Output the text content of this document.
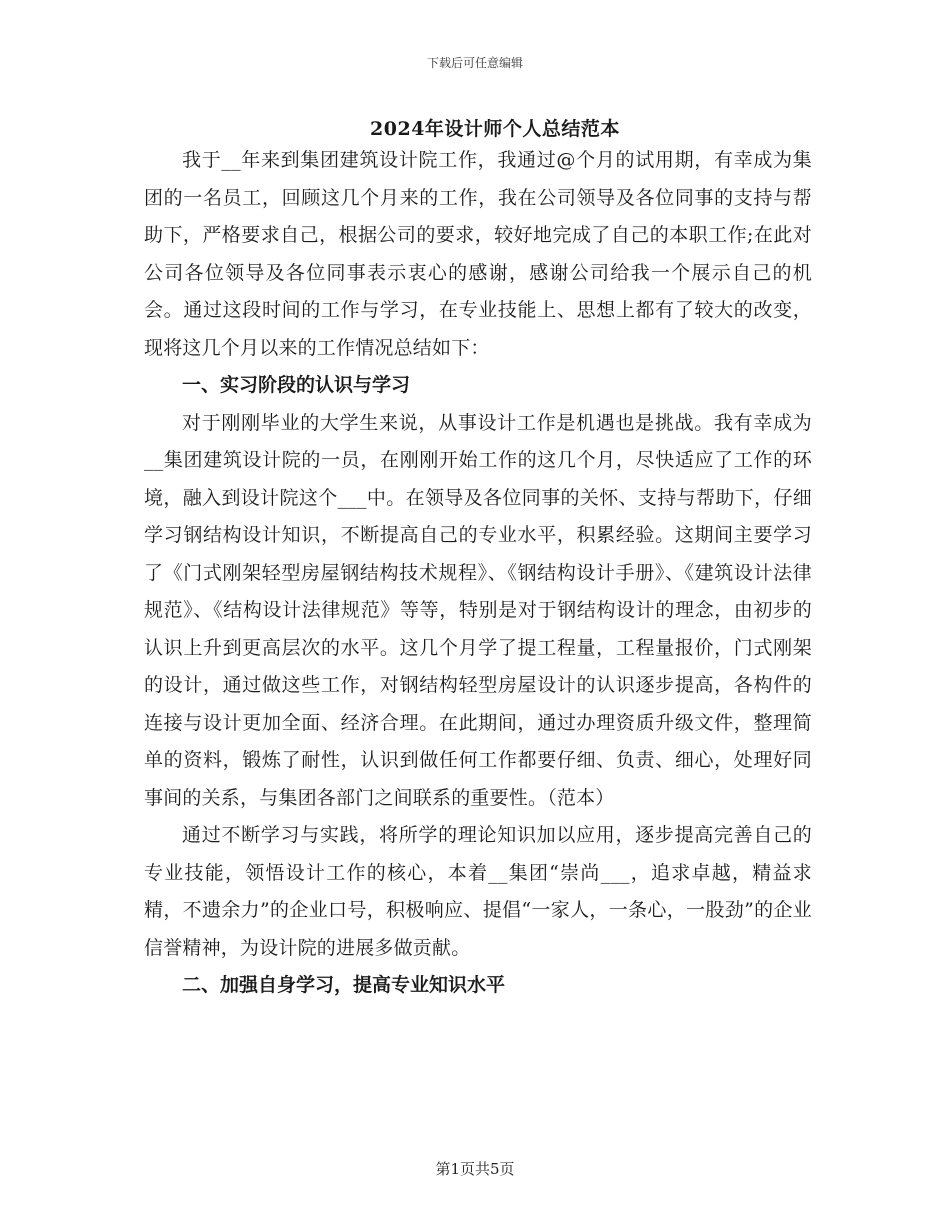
下载后可任意编辑
2024年设计师个人总结范本

我于__年来到集团建筑设计院工作，我通过@个月的试用期，有幸成为集团的一名员工，回顾这几个月来的工作，我在公司领导及各位同事的支持与帮助下，严格要求自己，根据公司的要求，较好地完成了自己的本职工作;在此对公司各位领导及各位同事表示衷心的感谢，感谢公司给我一个展示自己的机会。通过这段时间的工作与学习，在专业技能上、思想上都有了较大的改变，现将这几个月以来的工作情况总结如下：

一、实习阶段的认识与学习

对于刚刚毕业的大学生来说，从事设计工作是机遇也是挑战。我有幸成为__集团建筑设计院的一员，在刚刚开始工作的这几个月，尽快适应了工作的环境，融入到设计院这个___中。在领导及各位同事的关怀、支持与帮助下，仔细学习钢结构设计知识，不断提高自己的专业水平，积累经验。这期间主要学习了《门式刚架轻型房屋钢结构技术规程》、《钢结构设计手册》、《建筑设计法律规范》、《结构设计法律规范》等等，特别是对于钢结构设计的理念，由初步的认识上升到更高层次的水平。这几个月学了提工程量，工程量报价，门式刚架的设计，通过做这些工作，对钢结构轻型房屋设计的认识逐步提高，各构件的连接与设计更加全面、经济合理。在此期间，通过办理资质升级文件，整理简单的资料，锻炼了耐性，认识到做任何工作都要仔细、负责、细心，处理好同事间的关系，与集团各部门之间联系的重要性。（范本）

通过不断学习与实践，将所学的理论知识加以应用，逐步提高完善自己的专业技能，领悟设计工作的核心，本着__集团“崇尚___，追求卓越，精益求精，不遗余力”的企业口号，积极响应、提倡“一家人，一条心，一股劲”的企业信誉精神，为设计院的进展多做贡献。

二、加强自身学习，提高专业知识水平

第1页共5页
